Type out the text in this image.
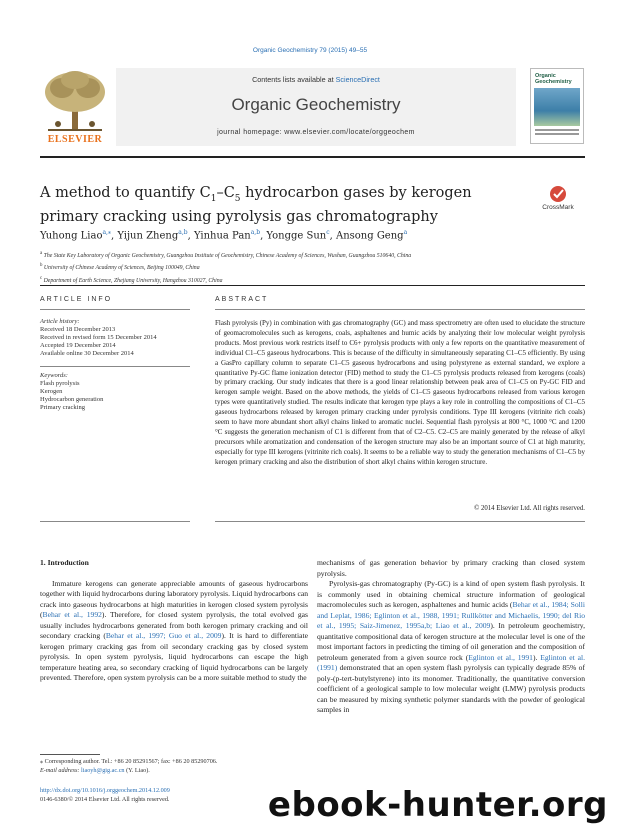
Organic Geochemistry 79 (2015) 49–55
ELSEVIER
Contents lists available at ScienceDirect
Organic Geochemistry
journal homepage: www.elsevier.com/locate/orggeochem
Organic
Geochemistry
A method to quantify $C_1-C_5$ hydrocarbon gases by kerogen primary cracking using pyrolysis gas chromatography
CrossMark
Yuhong Liao$^{a,⁎}$, Yijun Zheng$^{a,b}$, Yinhua Pan$^{a,b}$, Yongge Sun$^c$, Ansong Geng$^a$
$^a$ The State Key Laboratory of Organic Geochemistry, Guangzhou Institute of Geochemistry, Chinese Academy of Sciences, Wushan, Guangzhou 510640, China
$^b$ University of Chinese Academy of Sciences, Beijing 100049, China
$^c$ Department of Earth Science, Zhejiang University, Hangzhou 310027, China
ARTICLE INFO	ABSTRACT
Article history:
Received 18 December 2013
Received in revised form 15 December 2014
Accepted 19 December 2014
Available online 30 December 2014
Keywords:
Flash pyrolysis
Kerogen
Hydrocarbon generation
Primary cracking
Flash pyrolysis (Py) in combination with gas chromatography (GC) and mass spectrometry are often used to elucidate the structure of geomacromolecules such as kerogens, coals, asphaltenes and humic acids by analyzing their low molecular weight pyrolysis products. Most previous work restricts itself to C6+ pyrolysis products with only a few reports on the quantitative measurement of individual C1–C5 gaseous hydrocarbons. This is because of the difficulty in simultaneously separating C1–C5 efficiently. By using a GasPro capillary column to separate C1–C5 gaseous hydrocarbons and using polystyrene as external standard, we explore a quantitative Py-GC flame ionization detector (FID) method to study the C1–C5 pyrolysis products released from kerogens (coals) by primary cracking. Our study indicates that there is a good linear relationship between peak area of C1–C5 on Py-GC FID and kerogen sample weight. Based on the above methods, the yields of C1–C5 gaseous hydrocarbons released from various kerogen types were quantitatively studied. The results indicate that kerogen type plays a key role in controlling the compositions of C1–C5 gaseous hydrocarbons released by kerogen primary cracking under pyrolysis conditions. Type III kerogens (vitrinite rich coals) seem to have more abundant short alkyl chains linked to aromatic nuclei. Sequential flash pyrolysis at 800 °C, 1000 °C and 1200 °C suggests the generation mechanism of C1 is different from that of C2–C5. C2–C5 are mainly generated by the release of alkyl precursors while aromatization and condensation of the kerogen structure may also be an important source of C1 at high maturity, especially for type III kerogens (vitrinite rich coals). It seems to be a reliable way to study the generation mechanisms of C1–C5 by kerogen primary cracking and also the distribution of short alkyl chains within kerogen structure.
© 2014 Elsevier Ltd. All rights reserved.
1. Introduction

Immature kerogens can generate appreciable amounts of gaseous hydrocarbons together with liquid hydrocarbons during laboratory pyrolysis. Liquid hydrocarbons can crack into gaseous hydrocarbons at high maturities in kerogen closed system pyrolysis (Behar et al., 1992). Therefore, for closed system pyrolysis, the total evolved gas usually includes hydrocarbons generated from both kerogen primary cracking and oil secondary cracking (Behar et al., 1997; Guo et al., 2009). It is hard to differentiate kerogen primary cracking gas from oil secondary cracking gas by closed system pyrolysis. In open system pyrolysis, liquid hydrocarbons can escape the high temperature heating area, so secondary cracking of liquid hydrocarbons can be largely prevented. Therefore, open system pyrolysis can be a more suitable method to study the

mechanisms of gas generation behavior by primary cracking than closed system pyrolysis.

Pyrolysis-gas chromatography (Py-GC) is a kind of open system flash pyrolysis. It is commonly used in obtaining chemical structure information of geological macromolecules such as kerogen, asphaltenes and humic acids (Behar et al., 1984; Solli and Leplat, 1986; Eglinton et al., 1988, 1991; Rullkötter and Michaelis, 1990; del Rio et al., 1995; Saiz-Jimenez, 1995a,b; Liao et al., 2009). In petroleum geochemistry, quantitative compositional data of kerogen structure at the molecular level is one of the most important factors in predicting the timing of oil generation and the composition of petroleum generated from a given source rock (Eglinton et al., 1991). Eglinton et al. (1991) demonstrated that an open system flash pyrolysis can typically degrade 85% of poly-(p-tert-butylstyrene) into its monomer. Traditionally, the quantitative conversion coefficient of a geological sample to low molecular weight (LMW) pyrolysis products can be measured by mixing synthetic polymer standards with the powder of geological samples in

⁎ Corresponding author. Tel.: +86 20 85291567; fax: +86 20 85290706.
E-mail address: liaoyh@gig.ac.cn (Y. Liao).
http://dx.doi.org/10.1016/j.orggeochem.2014.12.009
0146-6380/© 2014 Elsevier Ltd. All rights reserved.	ebook-hunter.org
